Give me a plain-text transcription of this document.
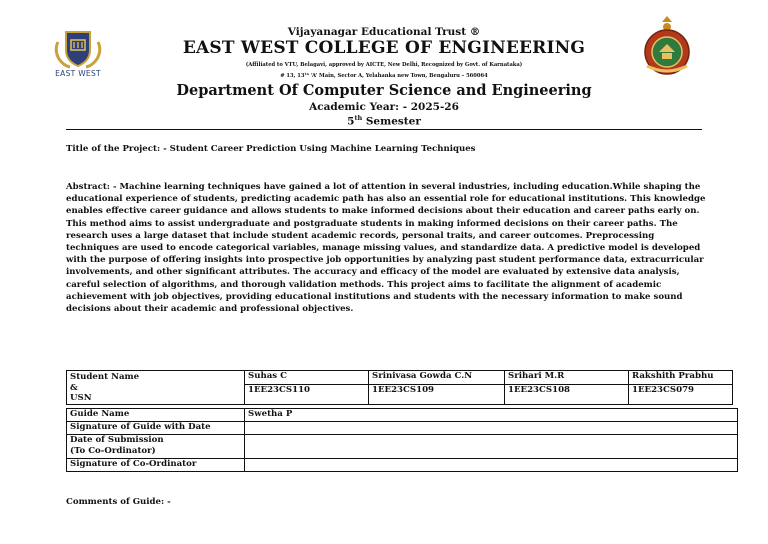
EAST WEST
Vijayanagar Educational Trust ®
EAST WEST COLLEGE OF ENGINEERING
(Affiliated to VTU, Belagavi, approved by AICTE, New Delhi, Recognized by Govt. of Karnataka)
# 13, 13ᵗʰ ‘A’ Main, Sector A, Yelahanka new Town, Bengaluru – 560064
Department Of Computer Science and Engineering
Academic Year: - 2025-26
5th Semester
Title of the Project: - Student Career Prediction Using Machine Learning Techniques
Abstract: - Machine learning techniques have gained a lot of attention in several industries, including education.While shaping the educational experience of students, predicting academic path has also an essential role for educational institutions. This knowledge enables effective career guidance and allows students to make informed decisions about their education and career paths early on. This method aims to assist undergraduate and postgraduate students in making informed decisions on their career paths. The research uses a large dataset that include student academic records, personal traits, and career outcomes. Preprocessing techniques are used to encode categorical variables, manage missing values, and standardize data. A predictive model is developed with the purpose of offering insights into prospective job opportunities by analyzing past student performance data, extracurricular involvements, and other significant attributes. The accuracy and efficacy of the model are evaluated by extensive data analysis, careful selection of algorithms, and thorough validation methods. This project aims to facilitate the alignment of academic achievement with job objectives, providing educational institutions and students with the necessary information to make sound decisions about their academic and professional objectives.
Student Name
&
USN	Suhas C	Srinivasa Gowda C.N	Srihari M.R	Rakshith Prabhu
	1EE23CS110	1EE23CS109	1EE23CS108	1EE23CS079
Guide Name	Swetha P
Signature of Guide with Date	

Date of Submission
(To Co-Ordinator)	

Signature of Co-Ordinator	
Comments of Guide: -
